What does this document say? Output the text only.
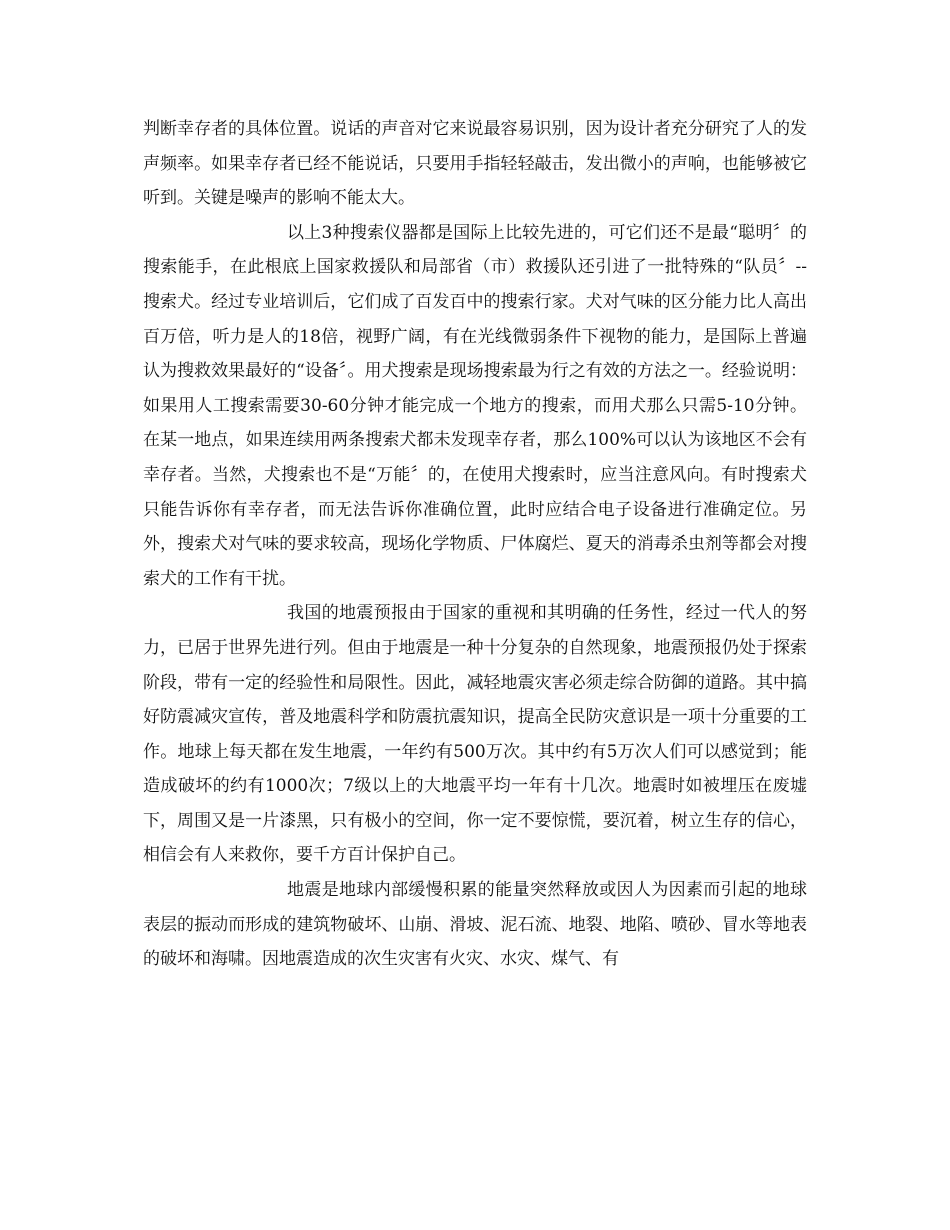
判断幸存者的具体位置。说话的声音对它来说最容易识别，因为设计者充分研究了人的发声频率。如果幸存者已经不能说话，只要用手指轻轻敲击，发出微小的声响，也能够被它听到。关键是噪声的影响不能太大。

以上3种搜索仪器都是国际上比较先进的，可它们还不是最“聪明〞的搜索能手，在此根底上国家救援队和局部省（市）救援队还引进了一批特殊的“队员〞--搜索犬。经过专业培训后，它们成了百发百中的搜索行家。犬对气味的区分能力比人高出百万倍，听力是人的18倍，视野广阔，有在光线微弱条件下视物的能力，是国际上普遍认为搜救效果最好的“设备〞。用犬搜索是现场搜索最为行之有效的方法之一。经验说明：如果用人工搜索需要30-60分钟才能完成一个地方的搜索，而用犬那么只需5-10分钟。在某一地点，如果连续用两条搜索犬都未发现幸存者，那么100%可以认为该地区不会有幸存者。当然，犬搜索也不是“万能〞的，在使用犬搜索时，应当注意风向。有时搜索犬只能告诉你有幸存者，而无法告诉你准确位置，此时应结合电子设备进行准确定位。另外，搜索犬对气味的要求较高，现场化学物质、尸体腐烂、夏天的消毒杀虫剂等都会对搜索犬的工作有干扰。

我国的地震预报由于国家的重视和其明确的任务性，经过一代人的努力，已居于世界先进行列。但由于地震是一种十分复杂的自然现象，地震预报仍处于探索阶段，带有一定的经验性和局限性。因此，减轻地震灾害必须走综合防御的道路。其中搞好防震减灾宣传，普及地震科学和防震抗震知识，提高全民防灾意识是一项十分重要的工作。地球上每天都在发生地震，一年约有500万次。其中约有5万次人们可以感觉到；能造成破坏的约有1000次；7级以上的大地震平均一年有十几次。地震时如被埋压在废墟下，周围又是一片漆黑，只有极小的空间，你一定不要惊慌，要沉着，树立生存的信心，相信会有人来救你，要千方百计保护自己。

地震是地球内部缓慢积累的能量突然释放或因人为因素而引起的地球表层的振动而形成的建筑物破坏、山崩、滑坡、泥石流、地裂、地陷、喷砂、冒水等地表的破坏和海啸。因地震造成的次生灾害有火灾、水灾、煤气、有
